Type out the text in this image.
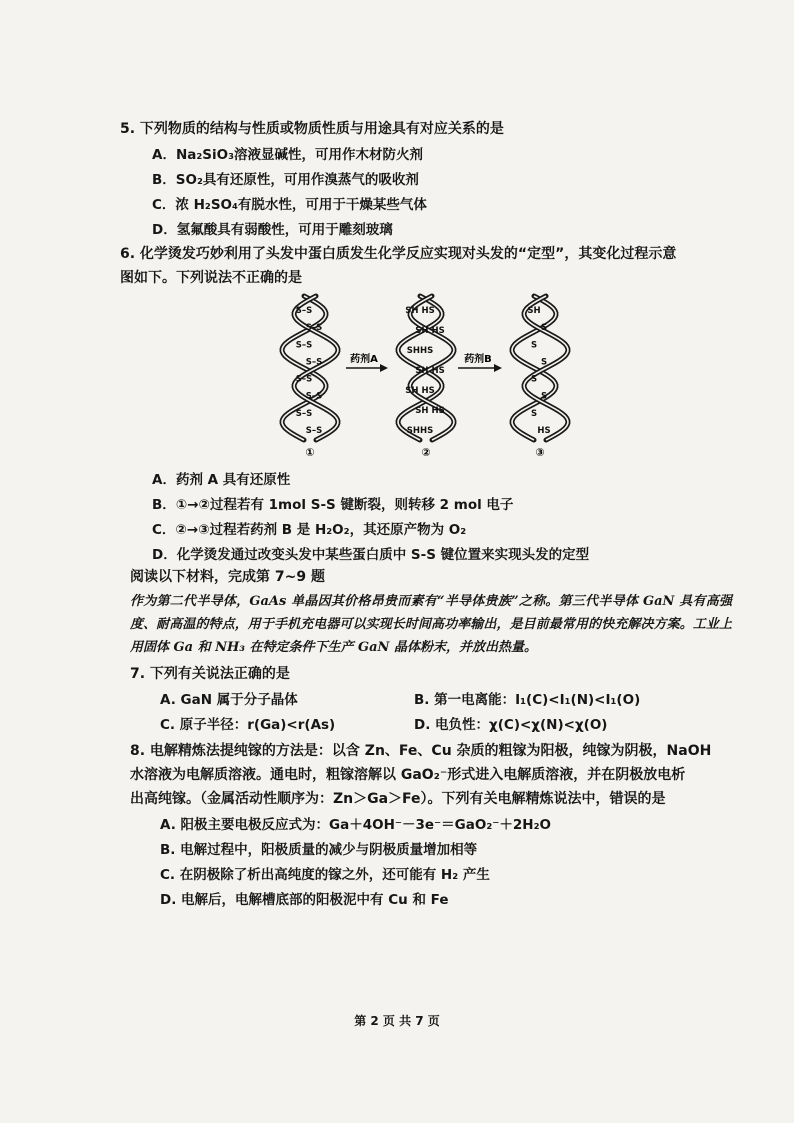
5. 下列物质的结构与性质或物质性质与用途具有对应关系的是
A．Na₂SiO₃溶液显碱性，可用作木材防火剂
B．SO₂具有还原性，可用作溴蒸气的吸收剂
C．浓 H₂SO₄有脱水性，可用于干燥某些气体
D．氢氟酸具有弱酸性，可用于雕刻玻璃
6. 化学烫发巧妙利用了头发中蛋白质发生化学反应实现对头发的“定型”，其变化过程示意
图如下。下列说法不正确的是
S–S
S–S
S–S
S–S
S–S
S–S
S–S
S–S
SH HS
SH HS
SHHS
SH HS
SH HS
SH HS
SHHS
SH
S
S
S
S
S
S
HS
药剂A	药剂B
①	②	③
A．药剂 A 具有还原性
B．①→②过程若有 1mol S-S 键断裂，则转移 2 mol 电子
C．②→③过程若药剂 B 是 H₂O₂，其还原产物为 O₂
D．化学烫发通过改变头发中某些蛋白质中 S-S 键位置来实现头发的定型
阅读以下材料，完成第 7~9 题
作为第二代半导体，GaAs 单晶因其价格昂贵而素有“半导体贵族”之称。第三代半导体 GaN 具有高强度、耐高温的特点，用于手机充电器可以实现长时间高功率输出，是目前最常用的快充解决方案。工业上用固体 Ga 和 NH₃ 在特定条件下生产 GaN 晶体粉末，并放出热量。
7. 下列有关说法正确的是
A. GaN 属于分子晶体	B. 第一电离能：I₁(C)<I₁(N)<I₁(O)
C. 原子半径：r(Ga)<r(As)	D. 电负性：χ(C)<χ(N)<χ(O)
8. 电解精炼法提纯镓的方法是：以含 Zn、Fe、Cu 杂质的粗镓为阳极，纯镓为阴极，NaOH
水溶液为电解质溶液。通电时，粗镓溶解以 GaO₂⁻形式进入电解质溶液，并在阴极放电析
出高纯镓。（金属活动性顺序为：Zn＞Ga＞Fe）。下列有关电解精炼说法中，错误的是
A. 阳极主要电极反应式为：Ga＋4OH⁻－3e⁻＝GaO₂⁻＋2H₂O
B. 电解过程中，阳极质量的减少与阴极质量增加相等
C. 在阴极除了析出高纯度的镓之外，还可能有 H₂ 产生
D. 电解后，电解槽底部的阳极泥中有 Cu 和 Fe
第 2 页 共 7 页
